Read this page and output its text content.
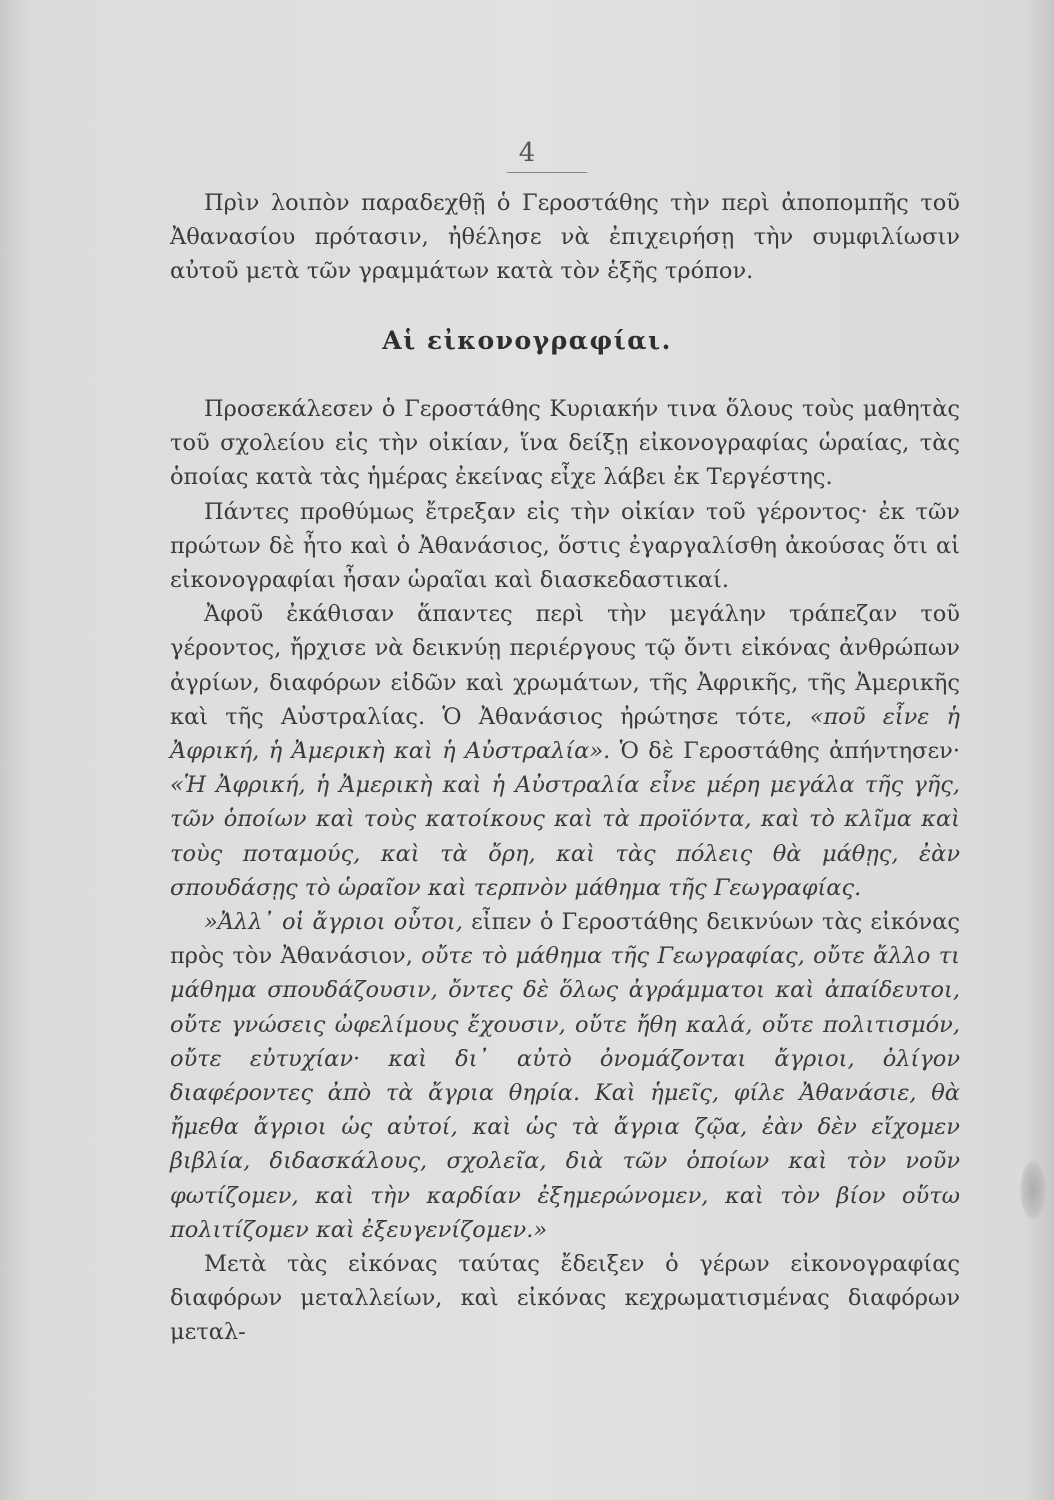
4

Πρὶν λοιπὸν παραδεχθῇ ὁ Γεροστάθης τὴν περὶ ἀποπομπῆς τοῦ Ἀθανασίου πρότασιν, ἠθέλησε νὰ ἐπιχειρήσῃ τὴν συμφιλίωσιν αὐτοῦ μετὰ τῶν γραμμάτων κατὰ τὸν ἑξῆς τρόπον.

Αἱ εἰκονογραφίαι.

Προσεκάλεσεν ὁ Γεροστάθης Κυριακήν τινα ὅλους τοὺς μαθητὰς τοῦ σχολείου εἰς τὴν οἰκίαν, ἵνα δείξῃ εἰκονογραφίας ὡραίας, τὰς ὁποίας κατὰ τὰς ἡμέρας ἐκείνας εἶχε λάβει ἐκ Τεργέστης.

Πάντες προθύμως ἔτρεξαν εἰς τὴν οἰκίαν τοῦ γέροντος· ἐκ τῶν πρώτων δὲ ἦτο καὶ ὁ Ἀθανάσιος, ὅστις ἐγαργαλίσθη ἀκούσας ὅτι αἱ εἰκονογραφίαι ἦσαν ὡραῖαι καὶ διασκεδαστικαί.

Ἀφοῦ ἐκάθισαν ἅπαντες περὶ τὴν μεγάλην τράπεζαν τοῦ γέροντος, ἤρχισε νὰ δεικνύῃ περιέργους τῷ ὄντι εἰκόνας ἀνθρώπων ἀγρίων, διαφόρων εἰδῶν καὶ χρωμάτων, τῆς Ἀφρικῆς, τῆς Ἀμερικῆς καὶ τῆς Αὐστραλίας. Ὁ Ἀθανάσιος ἠρώτησε τότε, «ποῦ εἶνε ἡ Ἀφρική, ἡ Ἀμερικὴ καὶ ἡ Αὐστραλία». Ὁ δὲ Γεροστάθης ἀπήντησεν· «Ἡ Ἀφρική, ἡ Ἀμερικὴ καὶ ἡ Αὐστραλία εἶνε μέρη μεγάλα τῆς γῆς, τῶν ὁποίων καὶ τοὺς κατοίκους καὶ τὰ προϊόντα, καὶ τὸ κλῖμα καὶ τοὺς ποταμούς, καὶ τὰ ὄρη, καὶ τὰς πόλεις θὰ μάθῃς, ἐὰν σπουδάσῃς τὸ ὡραῖον καὶ τερπνὸν μάθημα τῆς Γεωγραφίας.

»Ἀλλ᾽ οἱ ἄγριοι οὗτοι, εἶπεν ὁ Γεροστάθης δεικνύων τὰς εἰκόνας πρὸς τὸν Ἀθανάσιον, οὔτε τὸ μάθημα τῆς Γεωγραφίας, οὔτε ἄλλο τι μάθημα σπουδάζουσιν, ὄντες δὲ ὅλως ἀγράμματοι καὶ ἀπαίδευτοι, οὔτε γνώσεις ὠφελίμους ἔχουσιν, οὔτε ἤθη καλά, οὔτε πολιτισμόν, οὔτε εὐτυχίαν· καὶ δι᾽ αὐτὸ ὀνομάζονται ἄγριοι, ὀλίγον διαφέροντες ἀπὸ τὰ ἄγρια θηρία. Καὶ ἡμεῖς, φίλε Ἀθανάσιε, θὰ ἤμεθα ἄγριοι ὡς αὐτοί, καὶ ὡς τὰ ἄγρια ζῷα, ἐὰν δὲν εἴχομεν βιβλία, διδασκάλους, σχολεῖα, διὰ τῶν ὁποίων καὶ τὸν νοῦν φωτίζομεν, καὶ τὴν καρδίαν ἐξημερώνομεν, καὶ τὸν βίον οὕτω πολιτίζομεν καὶ ἐξευγενίζομεν.»

Μετὰ τὰς εἰκόνας ταύτας ἔδειξεν ὁ γέρων εἰκονογραφίας διαφόρων μεταλλείων, καὶ εἰκόνας κεχρωματισμένας διαφόρων μεταλ-
